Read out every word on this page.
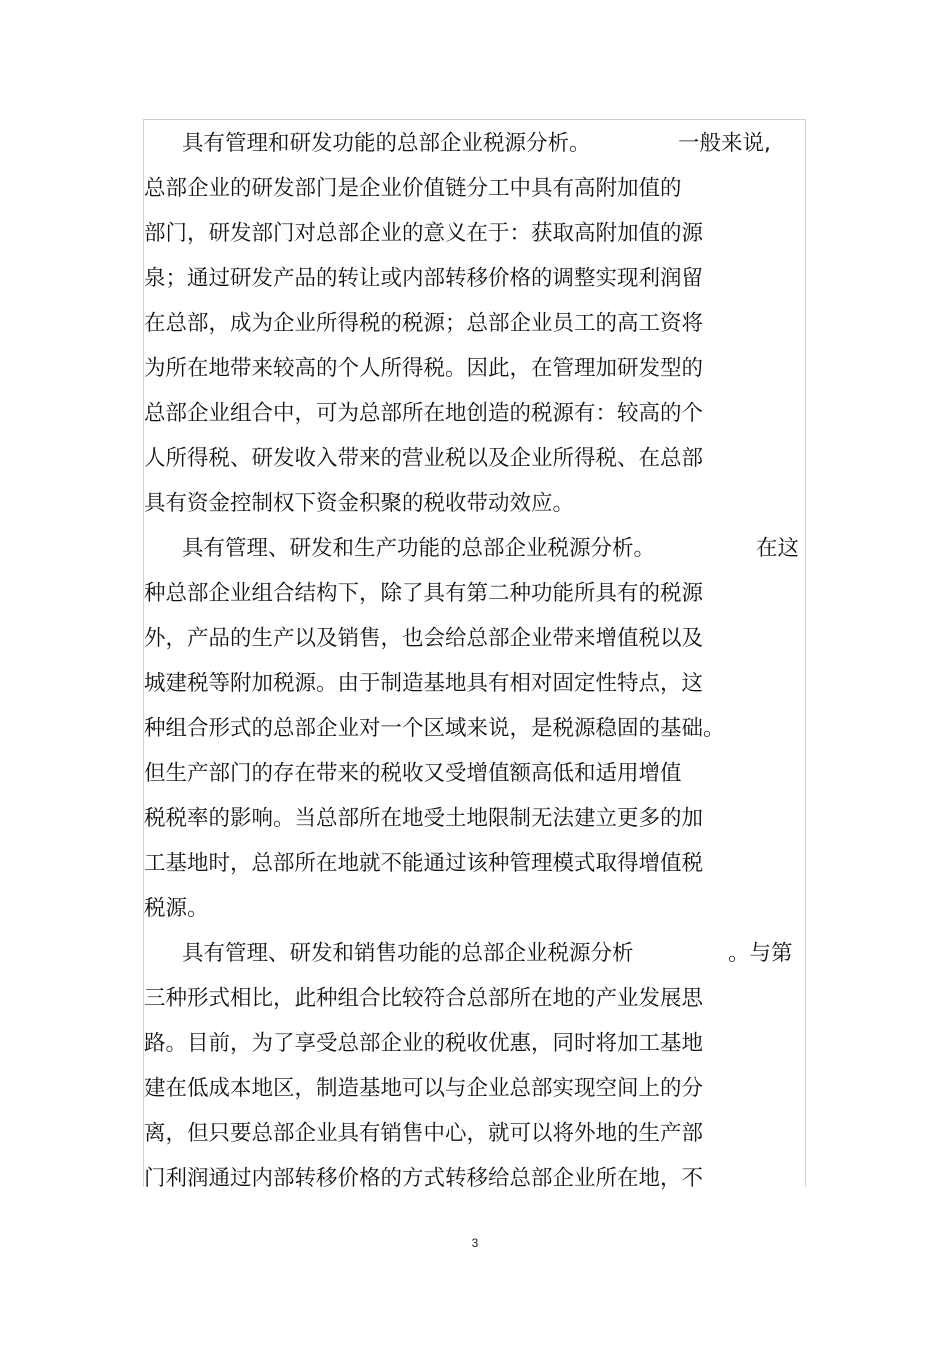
具有管理和研发功能的总部企业税源分析。	一般来说,
总部企业的研发部门是企业价值链分工中具有高附加值的
部门，研发部门对总部企业的意义在于：获取高附加值的源
泉；通过研发产品的转让或内部转移价格的调整实现利润留
在总部，成为企业所得税的税源；总部企业员工的高工资将
为所在地带来较高的个人所得税。因此，在管理加研发型的
总部企业组合中，可为总部所在地创造的税源有：较高的个
人所得税、研发收入带来的营业税以及企业所得税、在总部
具有资金控制权下资金积聚的税收带动效应。
具有管理、研发和生产功能的总部企业税源分析。	在这
种总部企业组合结构下，除了具有第二种功能所具有的税源
外，产品的生产以及销售，也会给总部企业带来增值税以及
城建税等附加税源。由于制造基地具有相对固定性特点，这
种组合形式的总部企业对一个区域来说，是税源稳固的基础。
但生产部门的存在带来的税收又受增值额高低和适用增值
税税率的影响。当总部所在地受土地限制无法建立更多的加
工基地时，总部所在地就不能通过该种管理模式取得增值税
税源。
具有管理、研发和销售功能的总部企业税源分析	。与第
三种形式相比，此种组合比较符合总部所在地的产业发展思
路。目前，为了享受总部企业的税收优惠，同时将加工基地
建在低成本地区，制造基地可以与企业总部实现空间上的分
离，但只要总部企业具有销售中心，就可以将外地的生产部
门利润通过内部转移价格的方式转移给总部企业所在地，不
3
